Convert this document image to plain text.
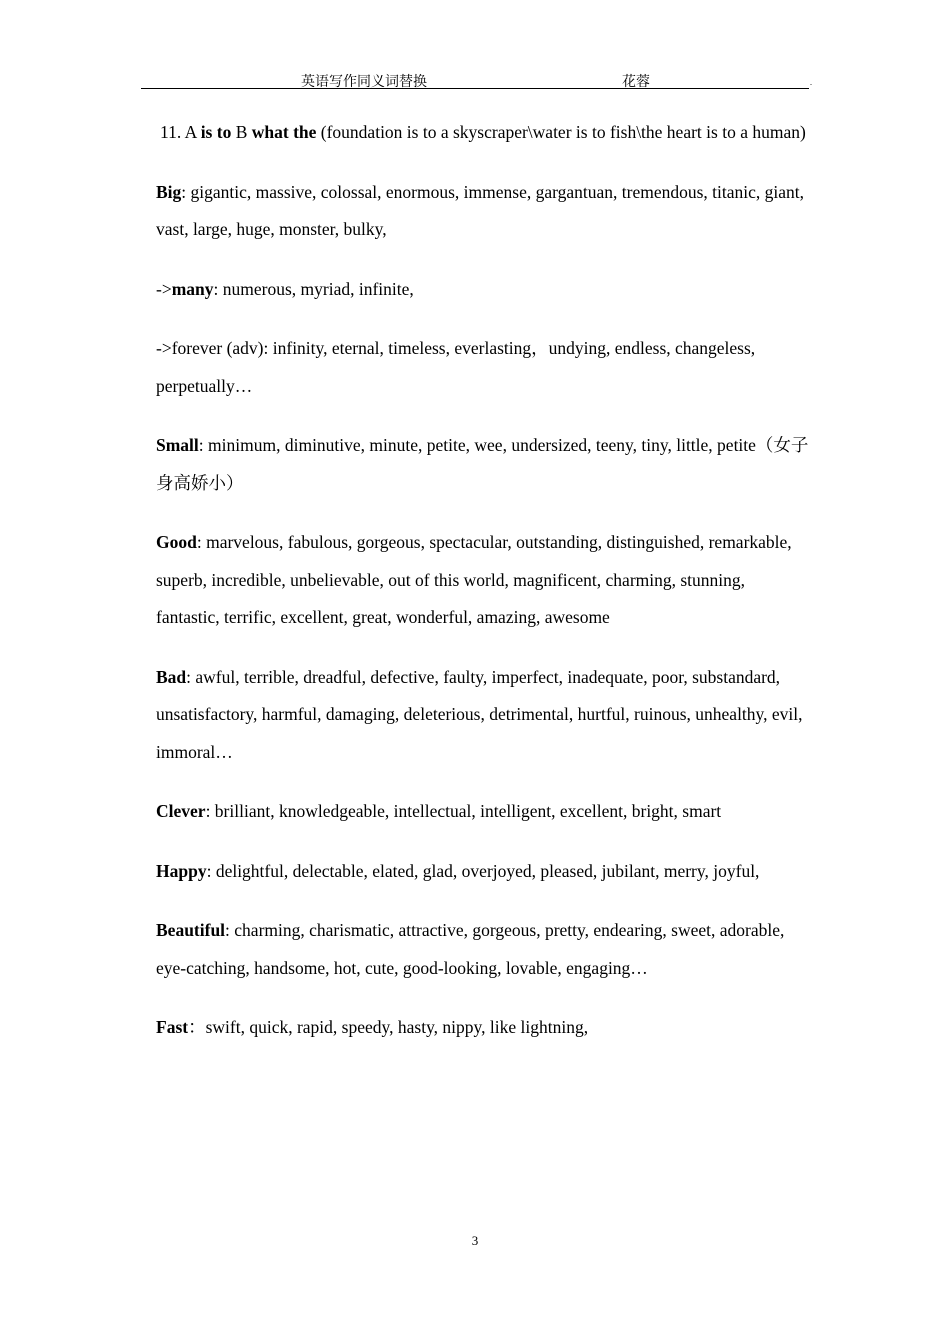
英语写作同义词替换	花蓉	.

11. A is to B what the (foundation is to a skyscraper\water is to fish\the heart is to a human)

Big: gigantic, massive, colossal, enormous, immense, gargantuan, tremendous, titanic, giant, vast, large, huge, monster, bulky,

->many: numerous, myriad, infinite,

->forever (adv): infinity, eternal, timeless, everlasting，undying, endless, changeless, perpetually…

Small: minimum, diminutive, minute, petite, wee, undersized, teeny, tiny, little, petite（女子身高娇小）

Good: marvelous, fabulous, gorgeous, spectacular, outstanding, distinguished, remarkable, superb, incredible, unbelievable, out of this world, magnificent, charming, stunning, fantastic, terrific, excellent, great, wonderful, amazing, awesome

Bad: awful, terrible, dreadful, defective, faulty, imperfect, inadequate, poor, substandard, unsatisfactory, harmful, damaging, deleterious, detrimental, hurtful, ruinous, unhealthy, evil, immoral…

Clever: brilliant, knowledgeable, intellectual, intelligent, excellent, bright, smart

Happy: delightful, delectable, elated, glad, overjoyed, pleased, jubilant, merry, joyful,

Beautiful: charming, charismatic, attractive, gorgeous, pretty, endearing, sweet, adorable, eye-catching, handsome, hot, cute, good-looking, lovable, engaging…

Fast：swift, quick, rapid, speedy, hasty, nippy, like lightning,

3
